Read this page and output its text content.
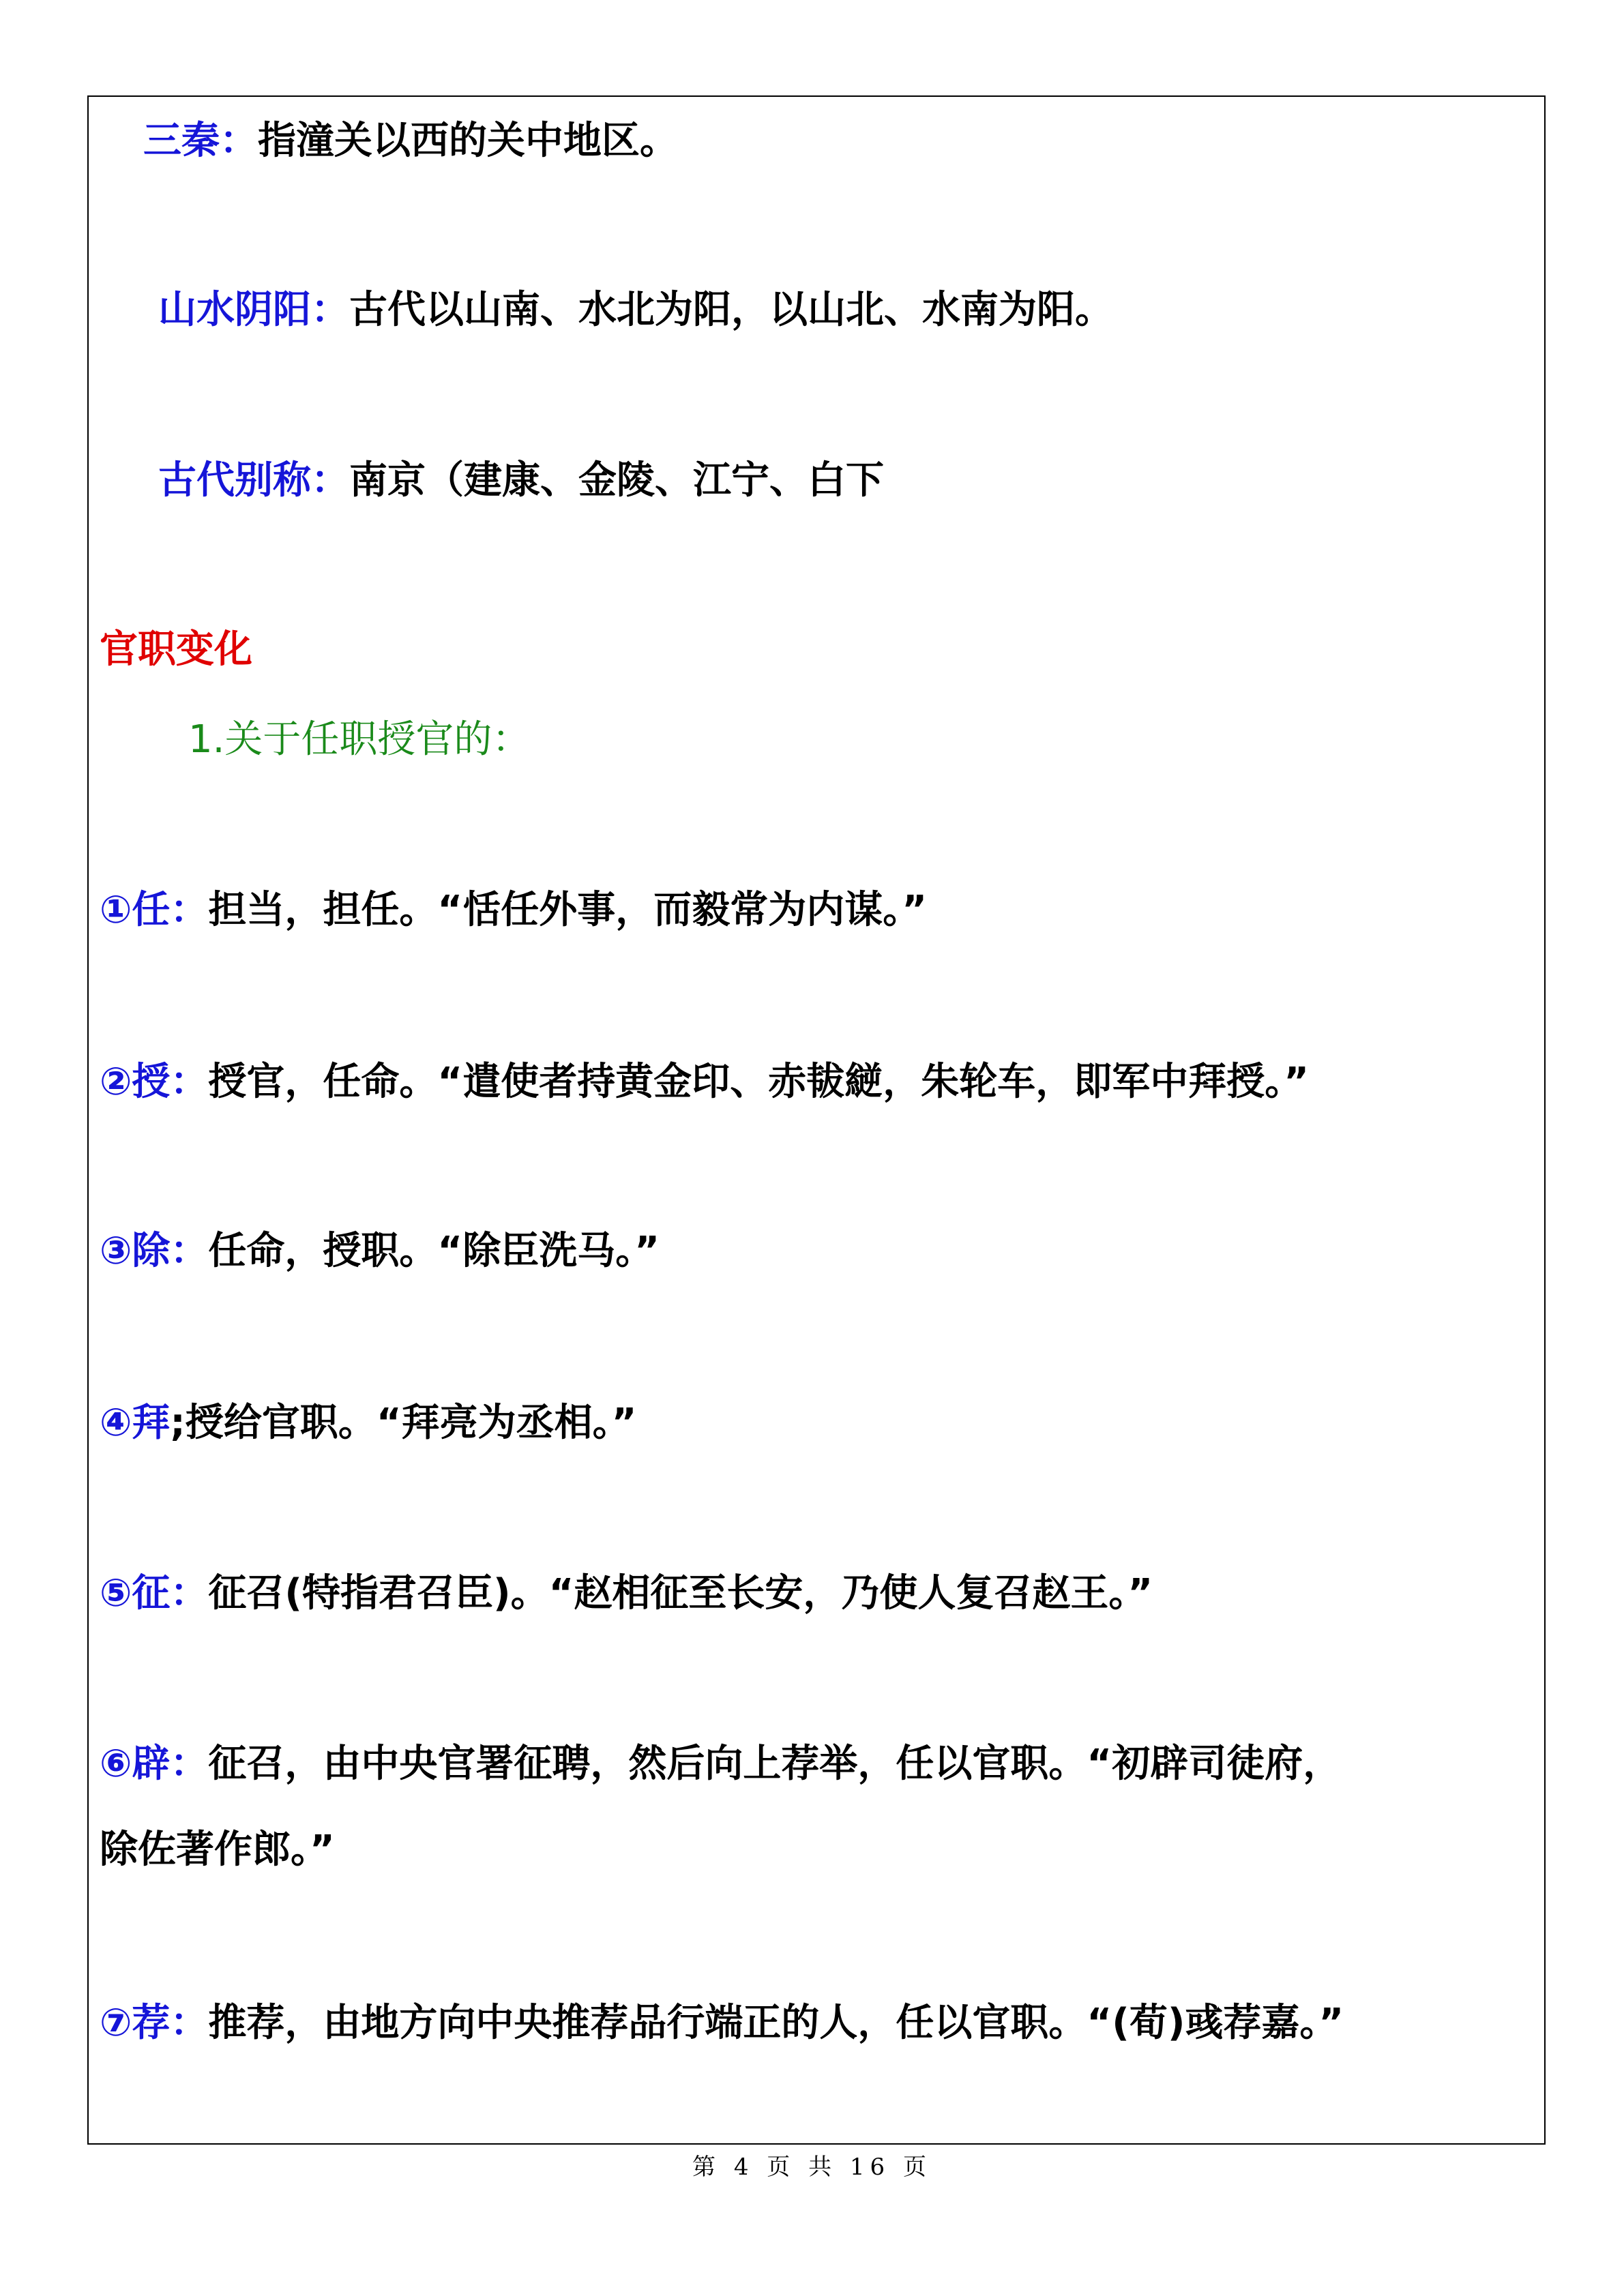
三秦：指潼关以西的关中地区。
山水阴阳：古代以山南、水北为阳，以山北、水南为阳。
古代别称：南京（建康、金陵、江宁、白下
官职变化
1.关于任职授官的：
①任：担当，担任。“恬任外事，而毅常为内谋。”
②授：授官，任命。“遣使者持黄金印、赤韨縌，朱轮车，即军中拜授。”
③除：任命，授职。“除臣洗马。”
④拜;授给官职。“拜亮为丞相。”
⑤征：征召(特指君召臣)。“赵相征至长安，乃使人复召赵王。”
⑥辟：征召，由中央官署征聘，然后向上荐举，任以官职。“初辟司徒府，
除佐著作郎。”
⑦荐：推荐，由地方向中央推荐品行端正的人，任以官职。“(荀)彧荐嘉。”
第 4 页 共 16 页
